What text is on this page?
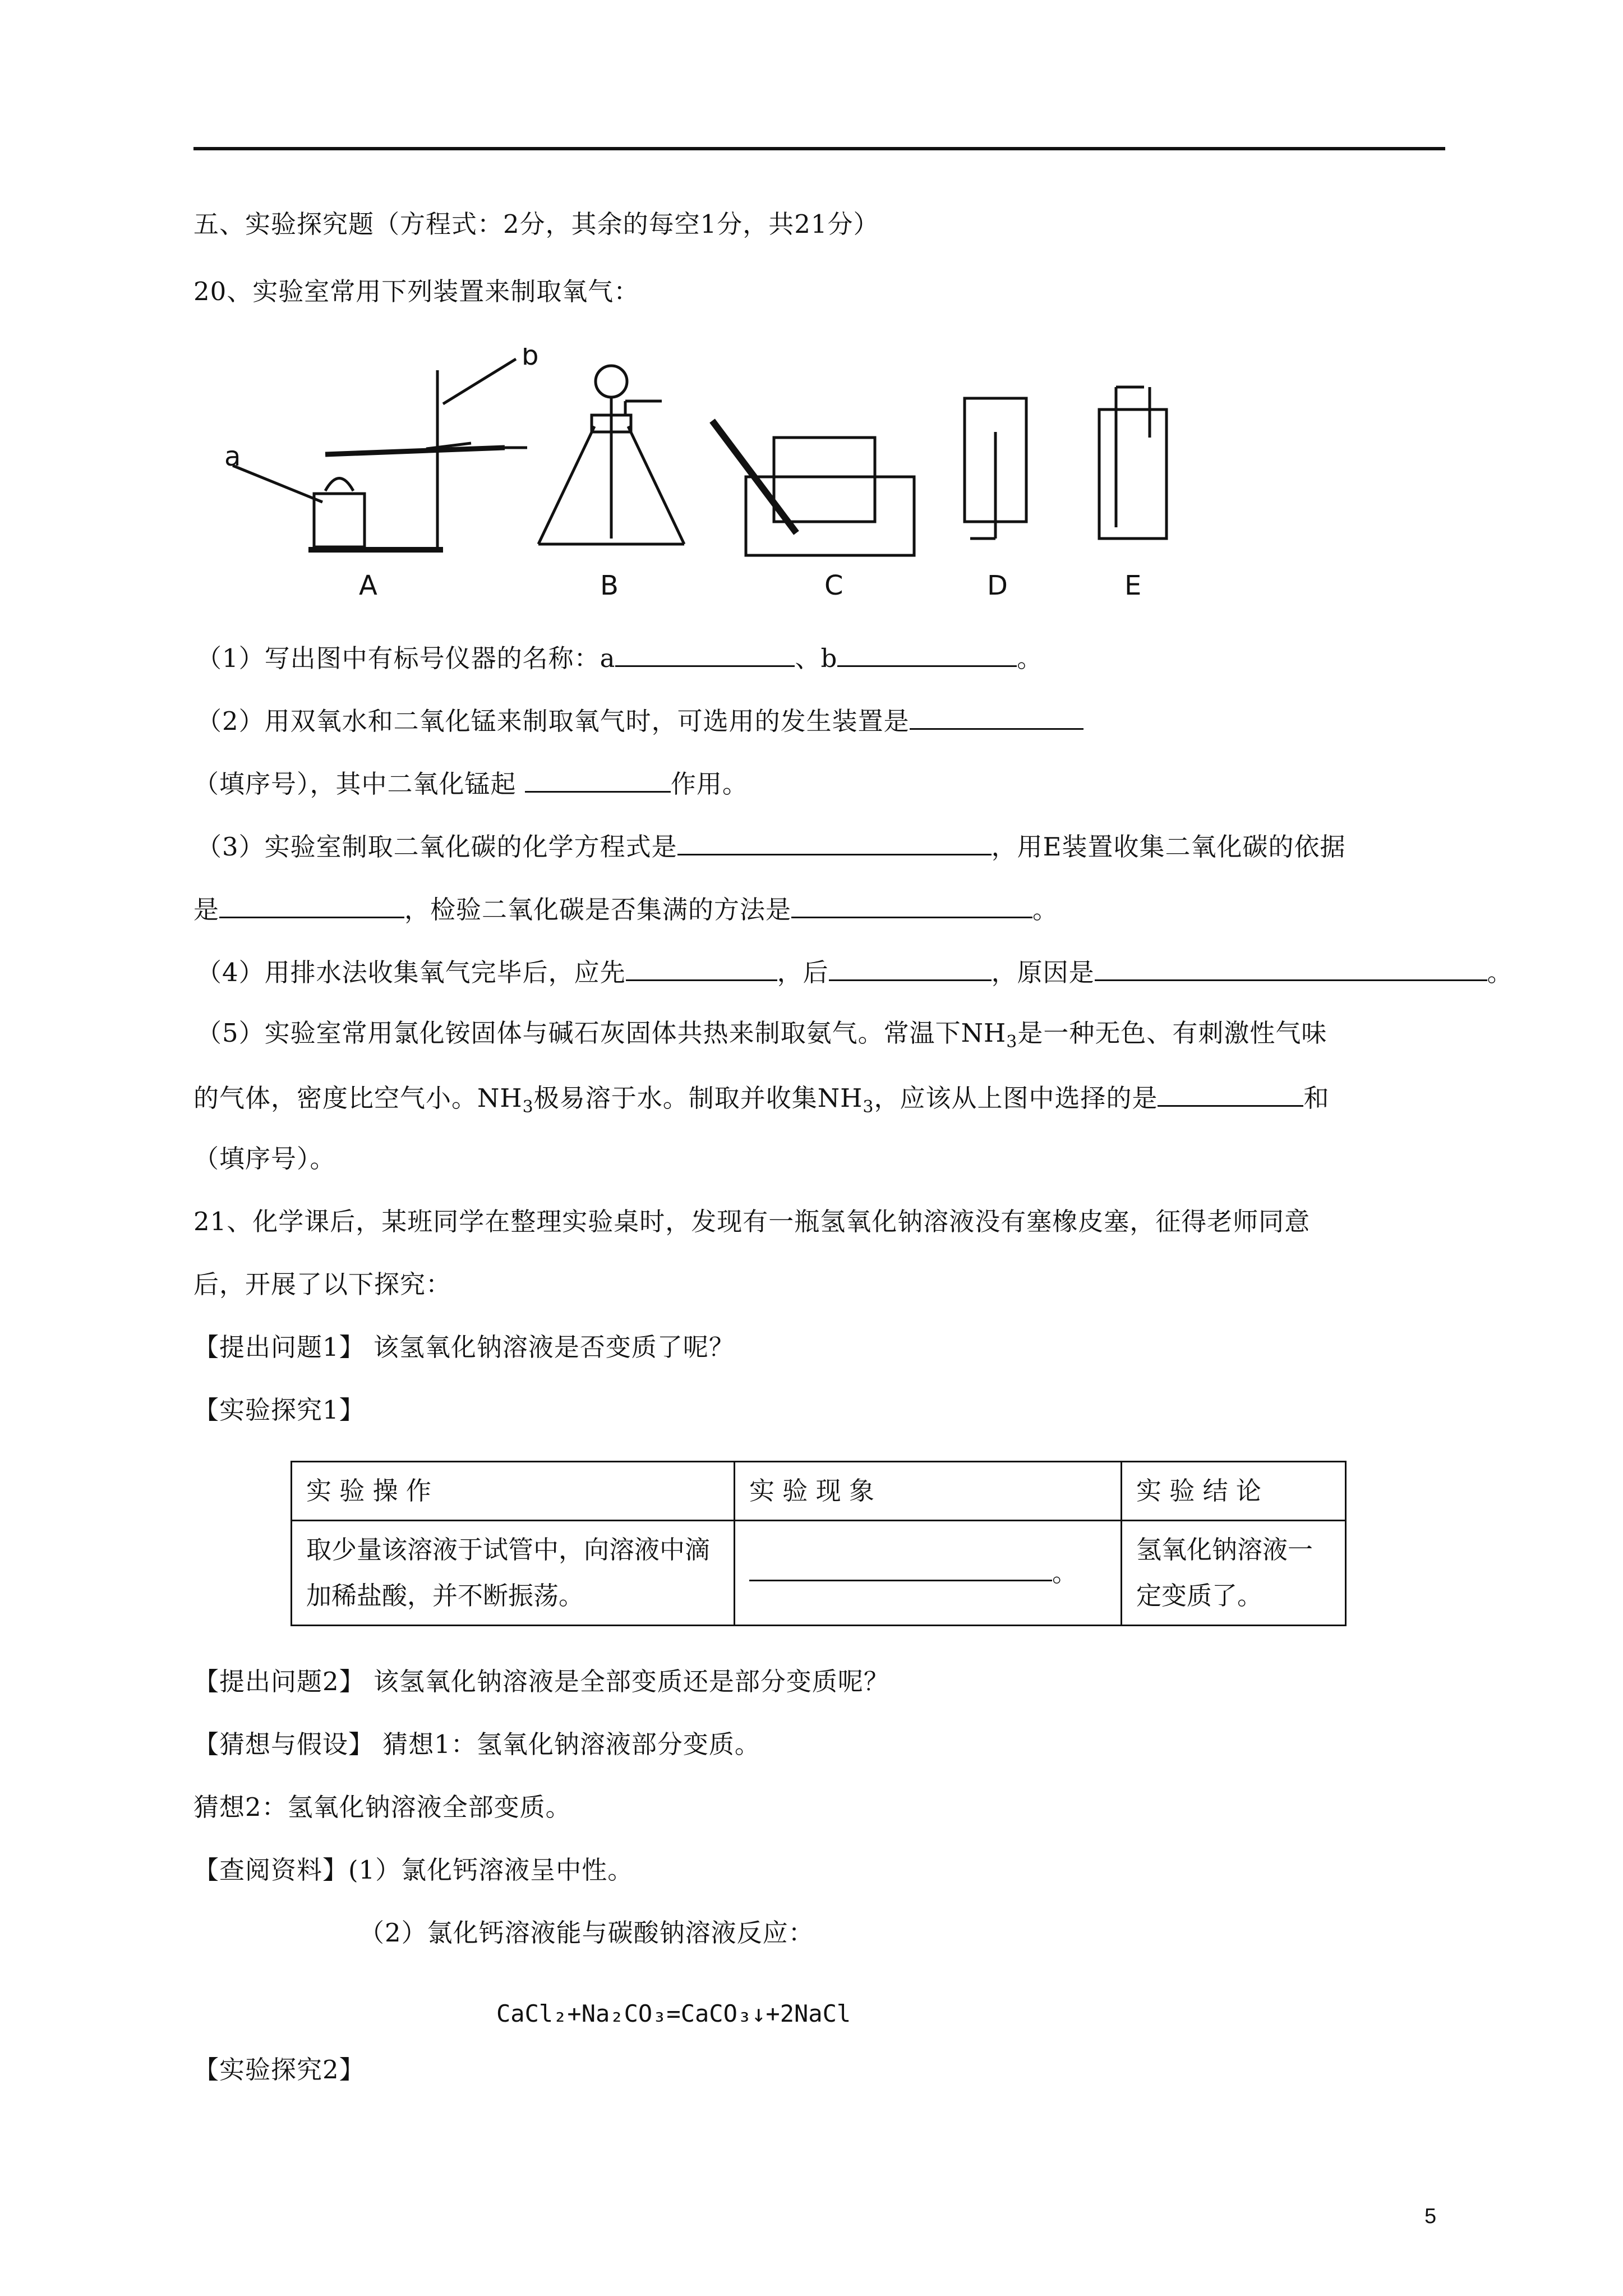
五、实验探究题（方程式：2分，其余的每空1分，共21分）
20、实验室常用下列装置来制取氧气：
a
b
A	B	C	D	E
（1）写出图中有标号仪器的名称：a	、b	。
（2）用双氧水和二氧化锰来制取氧气时，可选用的发生装置是
（填序号），其中二氧化锰起	作用。
（3）实验室制取二氧化碳的化学方程式是	，用E装置收集二氧化碳的依据
是	，检验二氧化碳是否集满的方法是	。
（4）用排水法收集氧气完毕后，应先	，后	，原因是	。
（5）实验室常用氯化铵固体与碱石灰固体共热来制取氨气。常温下$NH_3$是一种无色、有刺激性气味
的气体，密度比空气小。$NH_3$极易溶于水。制取并收集$NH_3$，应该从上图中选择的是	和
（填序号）。
21、化学课后，某班同学在整理实验桌时，发现有一瓶氢氧化钠溶液没有塞橡皮塞，征得老师同意
后，开展了以下探究：
【提出问题1】 该氢氧化钠溶液是否变质了呢？
【实验探究1】
实 验 操 作	实 验 现 象	实 验 结 论
取少量该溶液于试管中，向溶液中滴加稀盐酸，并不断振荡。	。	氢氧化钠溶液一定变质了。
【提出问题2】 该氢氧化钠溶液是全部变质还是部分变质呢？
【猜想与假设】 猜想1：氢氧化钠溶液部分变质。
猜想2：氢氧化钠溶液全部变质。
【查阅资料】(1）氯化钙溶液呈中性。
（2）氯化钙溶液能与碳酸钠溶液反应：
CaCl₂+Na₂CO₃=CaCO₃↓+2NaCl
【实验探究2】
5
